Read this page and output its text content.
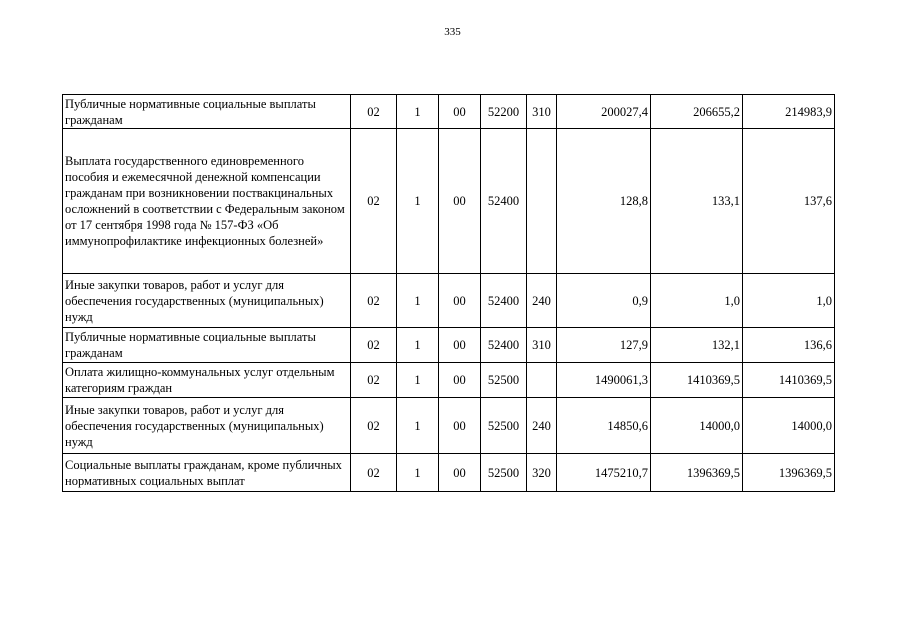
335
Публичные нормативные социальные выплаты гражданам	02	1	00	52200	310	200027,4	206655,2	214983,9
Выплата государственного единовременного пособия и ежемесячной денежной компенсации гражданам при возникновении поствакцинальных осложнений в соответствии с Федеральным законом от 17 сентября 1998 года № 157-ФЗ «Об иммунопрофилактике инфекционных болезней»	02	1	00	52400		128,8	133,1	137,6
Иные закупки товаров, работ и услуг для обеспечения государственных (муниципальных) нужд	02	1	00	52400	240	0,9	1,0	1,0
Публичные нормативные социальные выплаты гражданам	02	1	00	52400	310	127,9	132,1	136,6
Оплата жилищно-коммунальных услуг отдельным категориям граждан	02	1	00	52500		1490061,3	1410369,5	1410369,5
Иные закупки товаров, работ и услуг для обеспечения государственных (муниципальных) нужд	02	1	00	52500	240	14850,6	14000,0	14000,0
Социальные выплаты гражданам, кроме публичных нормативных социальных выплат	02	1	00	52500	320	1475210,7	1396369,5	1396369,5
